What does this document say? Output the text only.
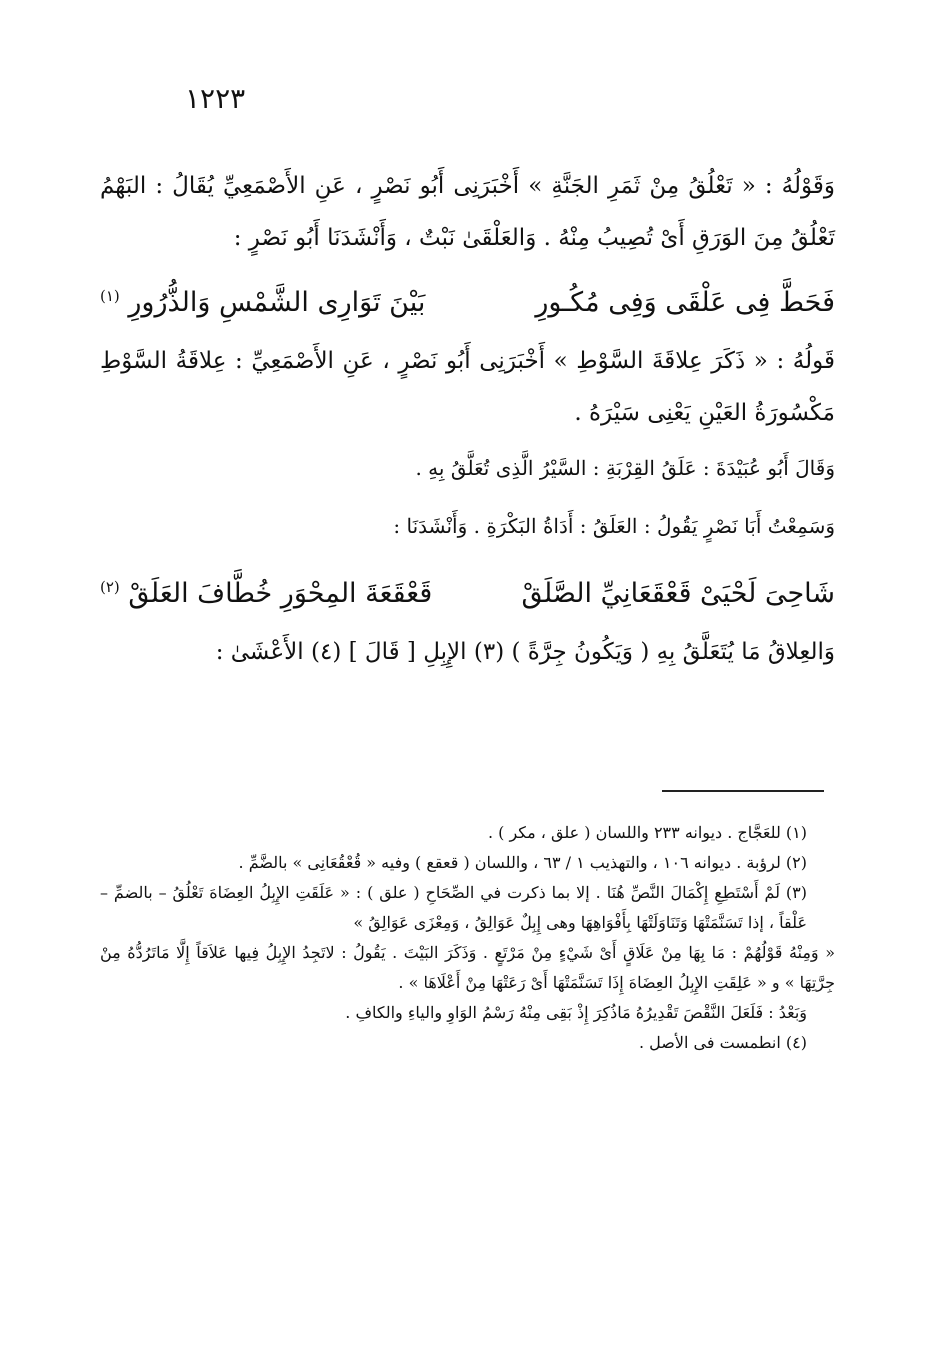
١٢٢٣

وَقَوْلُهُ : « تَعْلُقُ مِنْ ثَمَرِ الجَنَّةِ » أَخْبَرَنِى أَبُو نَصْرٍ ، عَنِ الأَصْمَعِيِّ يُقَالُ : البَهْمُ تَعْلُقُ مِنَ الوَرَقِ أَىْ تُصِيبُ مِنْهُ . وَالعَلْقَىٰ نَبْتٌ ، وَأَنْشَدَنَا أَبُو نَصْرٍ :

فَحَطَّ فِى عَلْقَى وَفِى مُكُـورِ
بَيْنَ تَوَارِى الشَّمْسِ وَالذُّرُورِ $^{(١)}$

قَولُهُ : « ذَكَرَ عِلاقَةَ السَّوْطِ » أَخْبَرَنِى أَبُو نَصْرٍ ، عَنِ الأَصْمَعِيِّ : عِلاقَةُ السَّوْطِ مَكْسُورَةُ العَيْنِ يَعْنِى سَيْرَهُ .

وَقَالَ أَبُو عُبَيْدَةَ : عَلَقُ القِرْبَةِ : السَّيْرُ الَّذِى تُعَلَّقُ بِهِ .

وَسَمِعْتُ أَبَا نَصْرٍ يَقُولُ : العَلَقُ : أَدَاةُ البَكْرَةِ . وَأَنْشَدَنَا :

شَاحِىَ لَحْيَىْ قَعْقَعَانِيِّ الصَّلَقْ
قَعْقَعَةَ المِحْوَرِ خُطَّافَ العَلَقْ $^{(٢)}$

وَالعِلاقُ مَا يُتَعَلَّقُ بِهِ ( وَيَكُونُ جِرَّةً ) (٣) الإِبِلِ [ قَالَ ] (٤) الأَعْشَىٰ :

(١) للعَجَّاج . ديوانه ٢٣٣ واللسان ( علق ، مكر ) .

(٢) لرؤبة . ديوانه ١٠٦ ، والتهذيب ١ / ٦٣ ، واللسان ( قعقع ) وفيه « قُعْقُعَانِى » بالضَّمِّ .

(٣) لَمْ أَسْتَطِعِ إِكْمَالَ النَّصِّ هُنَا . إلا بما ذكرت في الصِّحَاحِ ( علق ) : « عَلَقَتِ الإِبِلُ العِضَاهَ تَعْلُقُ – بالضمِّ – عَلْقاً ، إذا تَسَنَّمَتْهَا وَتَنَاوَلَتْهَا بِأَفْوَاهِهَا وهى إِبِلٌ عَوَالِقُ ، وَمِعْزَى عَوَالِقُ »

« وَمِنْهُ قَوْلُهُمْ : مَا بِهَا مِنْ عَلَاقٍ أَىْ شَيْءٍ مِنْ مَرْتَعٍ . وَذَكَرَ البَيْتَ . يَقُولُ : لاتَجِدُ الإِبِلُ فِيها عَلاَقاً إِلَّا مَاتَرُدُّهُ مِنْ جِرَّتِهَا » و « عَلِقَتِ الإِبِلُ العِضَاهَ إِذَا تَسَنَّمَتْهَا أَىْ رَعَتْهَا مِنْ أَعْلَاهَا » .

وَبَعْدُ : فَلَعَلَ النَّقْصَ تَقْدِيرُهُ مَاذُكِرَ إِذْ بَقِى مِنْهُ رَسْمُ الوَاوِ والياءِ والكافِ .

(٤) انطمست فى الأصل .
